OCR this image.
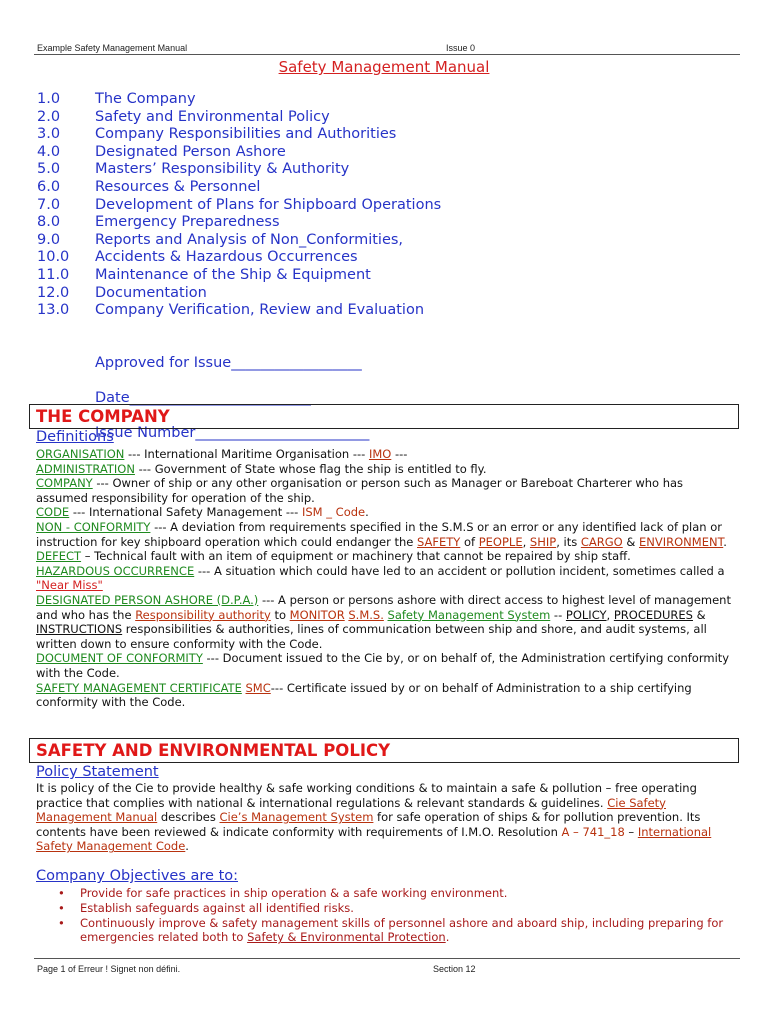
Example Safety Management Manual	Issue 0
Safety Management Manual
1.0	The Company
2.0	Safety and Environmental Policy
3.0	Company Responsibilities and Authorities
4.0	Designated Person Ashore
5.0	Masters’ Responsibility & Authority
6.0	Resources & Personnel
7.0	Development of Plans for Shipboard Operations
8.0	Emergency Preparedness
9.0	Reports and Analysis of Non_Conformities,
10.0	Accidents & Hazardous Occurrences
11.0	Maintenance of the Ship & Equipment
12.0	Documentation
13.0	Company Verification, Review and Evaluation

Approved for Issue__________________

Date_________________________

Issue Number________________________

THE COMPANY
Definitions
ORGANISATION --- International Maritime Organisation --- IMO ---
ADMINISTRATION --- Government of State whose flag the ship is entitled to fly.
COMPANY --- Owner of ship or any other organisation or person such as Manager or Bareboat Charterer who has assumed responsibility for operation of the ship.
CODE --- International Safety Management --- ISM _ Code.
NON - CONFORMITY --- A deviation from requirements specified in the S.M.S or an error or any identified lack of plan or instruction for key shipboard operation which could endanger the SAFETY of PEOPLE, SHIP, its CARGO & ENVIRONMENT.
DEFECT – Technical fault with an item of equipment or machinery that cannot be repaired by ship staff.
HAZARDOUS OCCURRENCE --- A situation which could have led to an accident or pollution incident, sometimes called a "Near Miss"
DESIGNATED PERSON ASHORE (D.P.A.) --- A person or persons ashore with direct access to highest level of management and who has the Responsibility authority to MONITOR S.M.S. Safety Management System -- POLICY, PROCEDURES & INSTRUCTIONS responsibilities & authorities, lines of communication between ship and shore, and audit systems, all written down to ensure conformity with the Code.
DOCUMENT OF CONFORMITY --- Document issued to the Cie by, or on behalf of, the Administration certifying conformity with the Code.
SAFETY MANAGEMENT CERTIFICATE SMC--- Certificate issued by or on behalf of Administration to a ship certifying conformity with the Code.
SAFETY AND ENVIRONMENTAL POLICY
Policy Statement
It is policy of the Cie to provide healthy & safe working conditions & to maintain a safe & pollution – free operating practice that complies with national & international regulations & relevant standards & guidelines. Cie Safety Management Manual describes Cie’s Management System for safe operation of ships & for pollution prevention. Its contents have been reviewed & indicate conformity with requirements of I.M.O. Resolution A – 741_18 – International Safety Management Code.
Company Objectives are to:
•	Provide for safe practices in ship operation & a safe working environment.
•	Establish safeguards against all identified risks.
•	Continuously improve & safety management skills of personnel ashore and aboard ship, including preparing for emergencies related both to Safety & Environmental Protection.
Page 1 of Erreur ! Signet non défini.	Section 12
